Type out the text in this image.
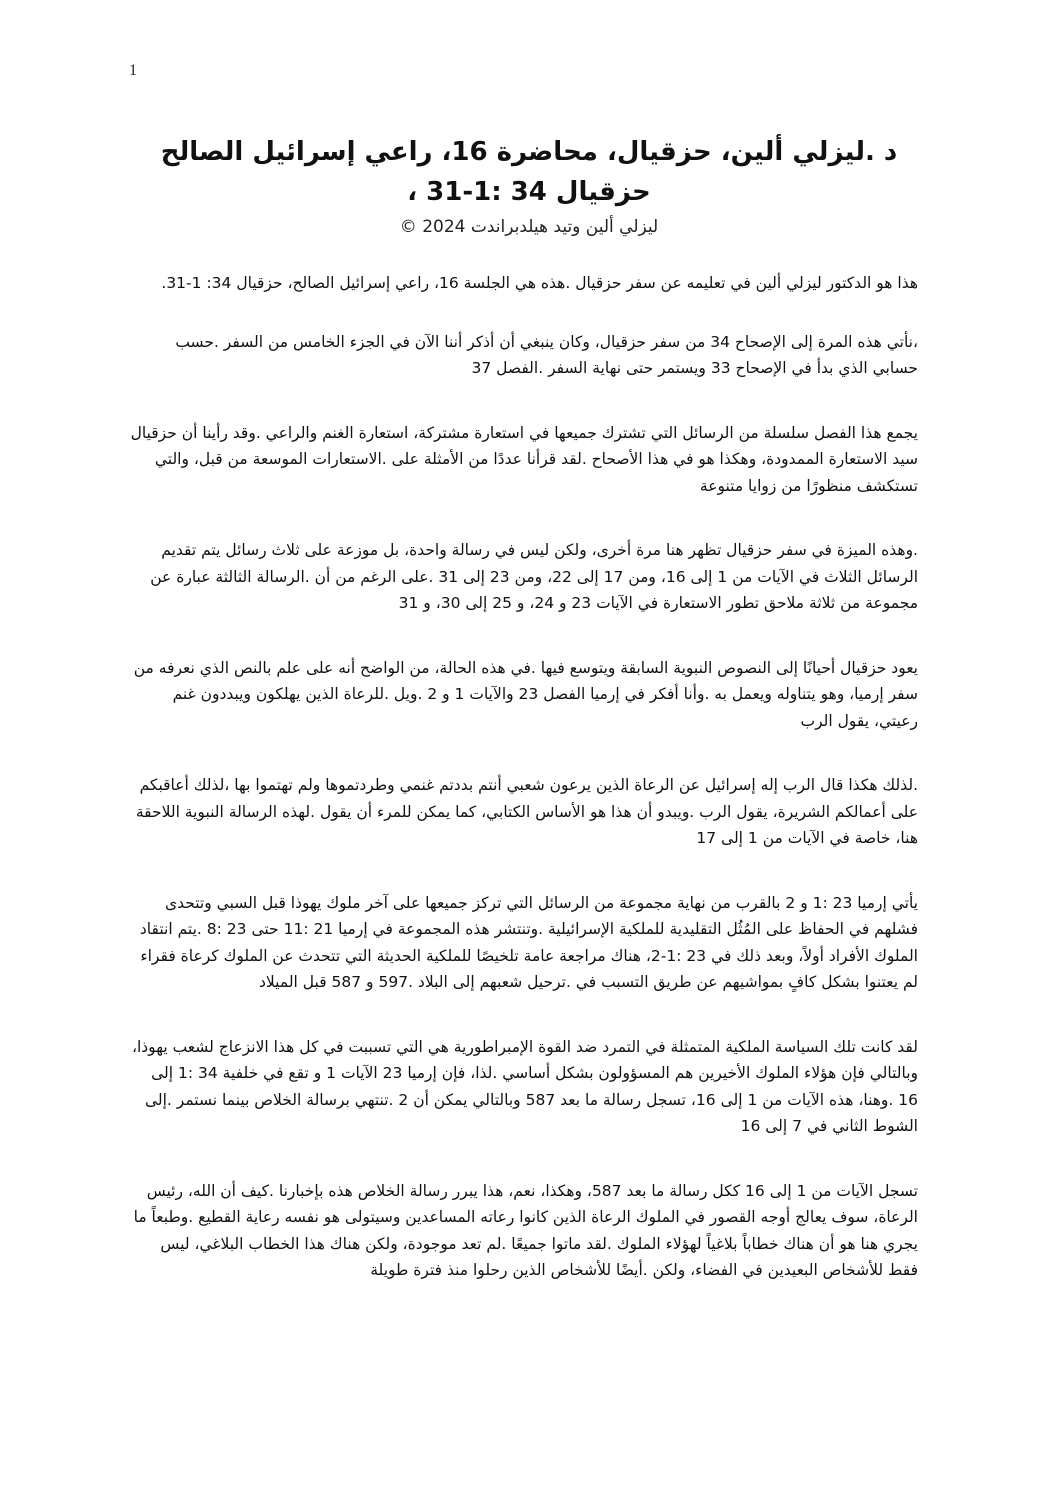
1
د .ليزلي ألين، حزقيال، محاضرة 16، راعي إسرائيل الصالح
حزقيال 34 :1-31 ،
ليزلي ألين وتيد هيلدبراندت 2024 ©

هذا هو الدكتور ليزلي ألين في تعليمه عن سفر حزقيال .هذه هي الجلسة 16، راعي إسرائيل الصالح، حزقيال 34: 1-31.

،نأتي هذه المرة إلى الإصحاح 34 من سفر حزقيال، وكان ينبغي أن أذكر أننا الآن في الجزء الخامس من السفر .حسب حسابي الذي بدأ في الإصحاح 33 ويستمر حتى نهاية السفر .الفصل 37

يجمع هذا الفصل سلسلة من الرسائل التي تشترك جميعها في استعارة مشتركة، استعارة الغنم والراعي .وقد رأينا أن حزقيال سيد الاستعارة الممدودة، وهكذا هو في هذا الأصحاح .لقد قرأنا عددًا من الأمثلة على .الاستعارات الموسعة من قبل، والتي تستكشف منظورًا من زوايا متنوعة

.وهذه الميزة في سفر حزقيال تظهر هنا مرة أخرى، ولكن ليس في رسالة واحدة، بل موزعة على ثلاث رسائل يتم تقديم الرسائل الثلاث في الآيات من 1 إلى 16، ومن 17 إلى 22، ومن 23 إلى 31 .على الرغم من أن .الرسالة الثالثة عبارة عن مجموعة من ثلاثة ملاحق تطور الاستعارة في الآيات 23 و 24، و 25 إلى 30، و 31

يعود حزقيال أحيانًا إلى النصوص النبوية السابقة ويتوسع فيها .في هذه الحالة، من الواضح أنه على علم بالنص الذي نعرفه من سفر إرميا، وهو يتناوله ويعمل به .وأنا أفكر في إرميا الفصل 23 والآيات 1 و 2 .ويل .للرعاة الذين يهلكون ويبددون غنم رعيتي، يقول الرب

.لذلك هكذا قال الرب إله إسرائيل عن الرعاة الذين يرعون شعبي أنتم بددتم غنمي وطردتموها ولم تهتموا بها ،لذلك أعاقبكم على أعمالكم الشريرة، يقول الرب .ويبدو أن هذا هو الأساس الكتابي، كما يمكن للمرء أن يقول .لهذه الرسالة النبوية اللاحقة هنا، خاصة في الآيات من 1 إلى 17

يأتي إرميا 23 :1 و 2 بالقرب من نهاية مجموعة من الرسائل التي تركز جميعها على آخر ملوك يهوذا قبل السبي وتتحدى فشلهم في الحفاظ على المُثُل التقليدية للملكية الإسرائيلية .وتنتشر هذه المجموعة في إرميا 21 :11 حتى 23 :8 .يتم انتقاد الملوك الأفراد أولاً، وبعد ذلك في 23 :1-2، هناك مراجعة عامة تلخيصًا للملكية الحديثة التي تتحدث عن الملوك كرعاة فقراء لم يعتنوا بشكل كافٍ بمواشيهم عن طريق التسبب في .ترحيل شعبهم إلى البلاد .597 و 587 قبل الميلاد

لقد كانت تلك السياسة الملكية المتمثلة في التمرد ضد القوة الإمبراطورية هي التي تسببت في كل هذا الانزعاج لشعب يهوذا، وبالتالي فإن هؤلاء الملوك الأخيرين هم المسؤولون بشكل أساسي .لذا، فإن إرميا 23 الآيات 1 و تقع في خلفية 34 :1 إلى 16 .وهنا، هذه الآيات من 1 إلى 16، تسجل رسالة ما بعد 587 وبالتالي يمكن أن 2 .تنتهي برسالة الخلاص بينما نستمر .إلى الشوط الثاني في 7 إلى 16

تسجل الآيات من 1 إلى 16 ككل رسالة ما بعد 587، وهكذا، نعم، هذا يبرر رسالة الخلاص هذه بإخبارنا .كيف أن الله، رئيس الرعاة، سوف يعالج أوجه القصور في الملوك الرعاة الذين كانوا رعاته المساعدين وسيتولى هو نفسه رعاية القطيع .وطبعاً ما يجري هنا هو أن هناك خطاباً بلاغياً لهؤلاء الملوك .لقد ماتوا جميعًا .لم تعد موجودة، ولكن هناك هذا الخطاب البلاغي، ليس فقط للأشخاص البعيدين في الفضاء، ولكن .أيضًا للأشخاص الذين رحلوا منذ فترة طويلة
